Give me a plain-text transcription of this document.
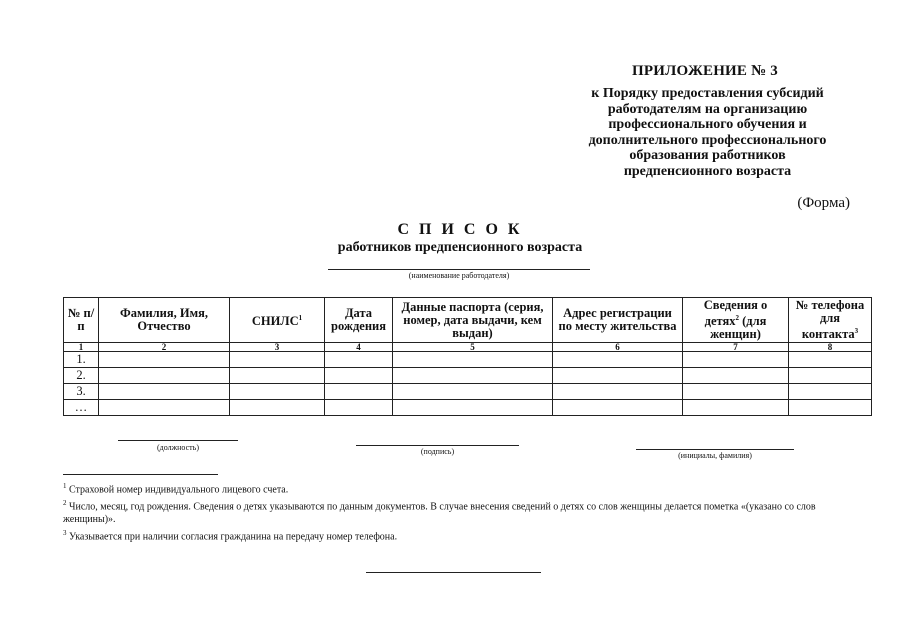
ПРИЛОЖЕНИЕ № 3
к Порядку предоставления субсидий
работодателям на организацию
профессионального обучения и
дополнительного профессионального
образования работников
предпенсионного возраста
(Форма)
С П И С О К
работников предпенсионного возраста
(наименование работодателя)
№ п/п	Фамилия, Имя, Отчество	СНИЛС$^1$	Дата рождения	Данные паспорта (серия, номер, дата выдачи, кем выдан)	Адрес регистрации по месту жительства	Сведения о детях$^2$ (для женщин)	№ телефона для контакта$^3$
1	2	3	4	5	6	7	8
1.							
2.							
3.							
…							
(должность)	(подпись)	(инициалы, фамилия)

$^1$ Страховой номер индивидуального лицевого счета.

$^2$ Число, месяц, год рождения. Сведения о детях указываются по данным документов. В случае внесения сведений о детях со слов женщины делается пометка «(указано со слов женщины)».

$^3$ Указывается при наличии согласия гражданина на передачу номер телефона.
